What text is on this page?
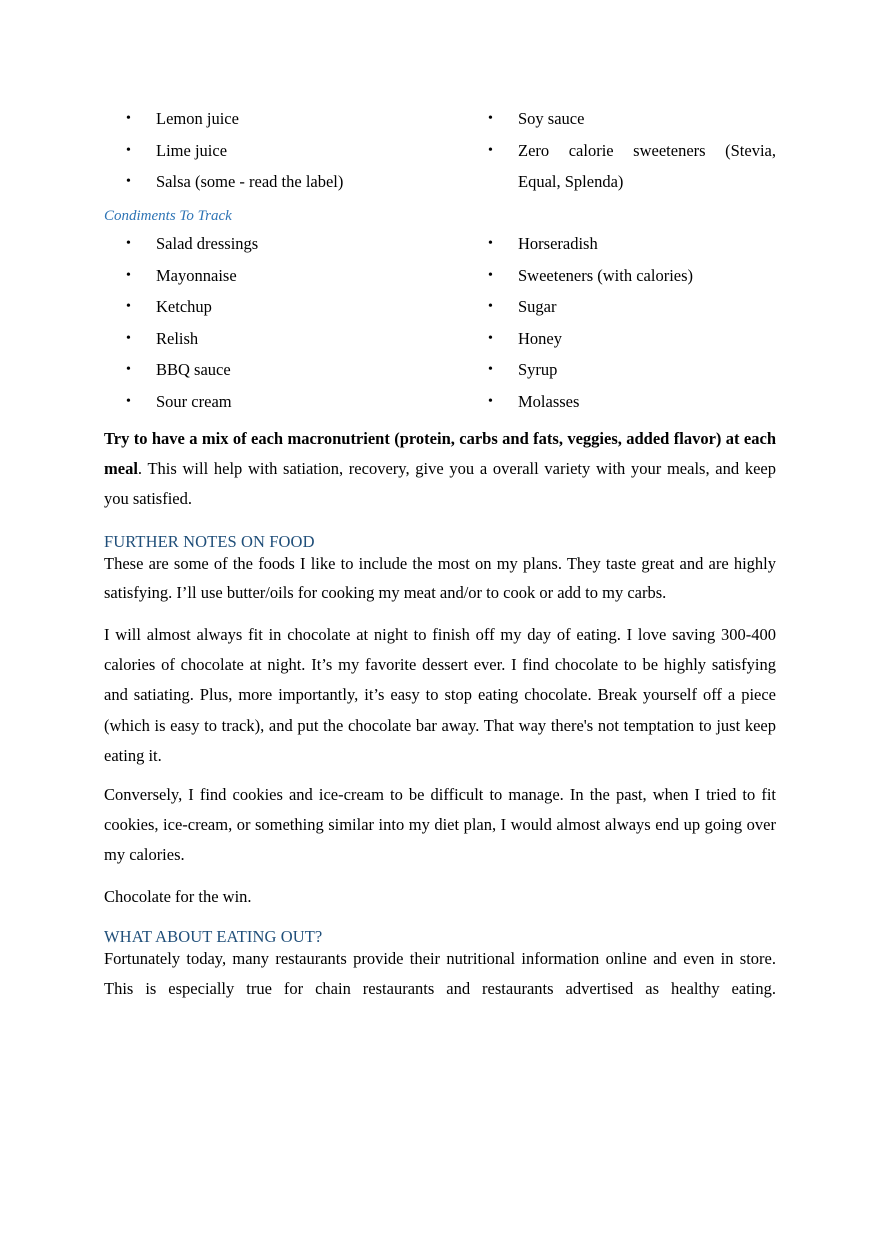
• Lemon juice
• Lime juice
• Salsa (some - read the label)
• Soy sauce
• Zero calorie sweeteners (Stevia, Equal, Splenda)
Condiments To Track
• Salad dressings
• Mayonnaise
• Ketchup
• Relish
• BBQ sauce
• Sour cream
• Horseradish
• Sweeteners (with calories)
• Sugar
• Honey
• Syrup
• Molasses

Try to have a mix of each macronutrient (protein, carbs and fats, veggies, added flavor) at each meal. This will help with satiation, recovery, give you a overall variety with your meals, and keep you satisfied.

FURTHER NOTES ON FOOD

These are some of the foods I like to include the most on my plans. They taste great and are highly satisfying. I’ll use butter/oils for cooking my meat and/or to cook or add to my carbs.

I will almost always fit in chocolate at night to finish off my day of eating. I love saving 300-400 calories of chocolate at night. It’s my favorite dessert ever. I find chocolate to be highly satisfying and satiating. Plus, more importantly, it’s easy to stop eating chocolate. Break yourself off a piece (which is easy to track), and put the chocolate bar away. That way there's not temptation to just keep eating it.

Conversely, I find cookies and ice-cream to be difficult to manage. In the past, when I tried to fit cookies, ice-cream, or something similar into my diet plan, I would almost always end up going over my calories.

Chocolate for the win.

WHAT ABOUT EATING OUT?

Fortunately today, many restaurants provide their nutritional information online and even in store. This is especially true for chain restaurants and restaurants advertised as healthy eating.
